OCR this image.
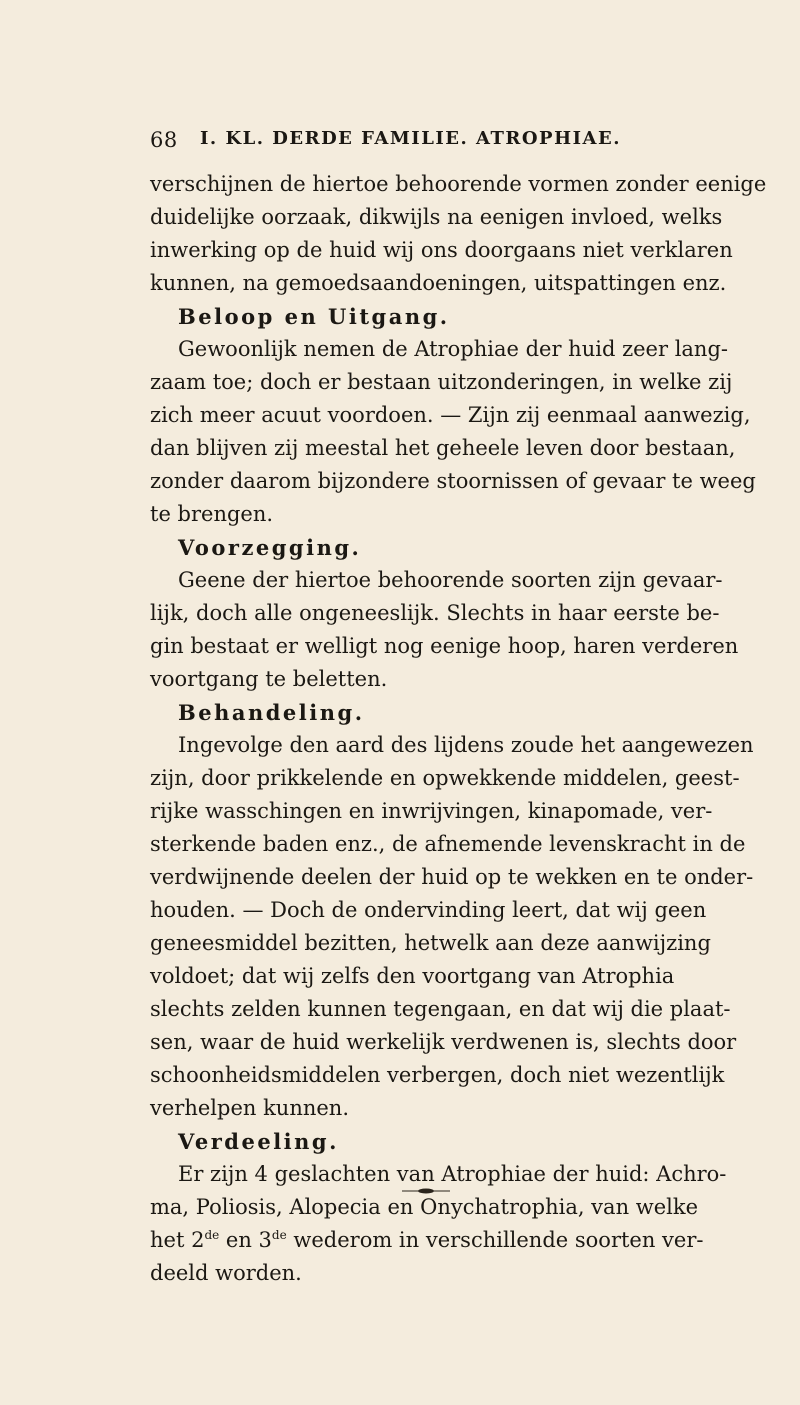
68 I. KL. DERDE FAMILIE. ATROPHIAE.
verschijnen de hiertoe behoorende vormen zonder eenige
duidelijke oorzaak, dikwijls na eenigen invloed, welks
inwerking op de huid wij ons doorgaans niet verklaren
kunnen, na gemoedsaandoeningen, uitspattingen enz.
Beloop en Uitgang.
Gewoonlijk nemen de Atrophiae der huid zeer lang-
zaam toe; doch er bestaan uitzonderingen, in welke zij
zich meer acuut voordoen. — Zijn zij eenmaal aanwezig,
dan blijven zij meestal het geheele leven door bestaan,
zonder daarom bijzondere stoornissen of gevaar te weeg
te brengen.
Voorzegging.
Geene der hiertoe behoorende soorten zijn gevaar-
lijk, doch alle ongeneeslijk. Slechts in haar eerste be-
gin bestaat er welligt nog eenige hoop, haren verderen
voortgang te beletten.
Behandeling.
Ingevolge den aard des lijdens zoude het aangewezen
zijn, door prikkelende en opwekkende middelen, geest-
rijke wasschingen en inwrijvingen, kinapomade, ver-
sterkende baden enz., de afnemende levenskracht in de
verdwijnende deelen der huid op te wekken en te onder-
houden. — Doch de ondervinding leert, dat wij geen
geneesmiddel bezitten, hetwelk aan deze aanwijzing
voldoet; dat wij zelfs den voortgang van Atrophia
slechts zelden kunnen tegengaan, en dat wij die plaat-
sen, waar de huid werkelijk verdwenen is, slechts door
schoonheidsmiddelen verbergen, doch niet wezentlijk
verhelpen kunnen.
Verdeeling.
Er zijn 4 geslachten van Atrophiae der huid: Achro-
ma, Poliosis, Alopecia en Onychatrophia, van welke
het 2de en 3de wederom in verschillende soorten ver-
deeld worden.
